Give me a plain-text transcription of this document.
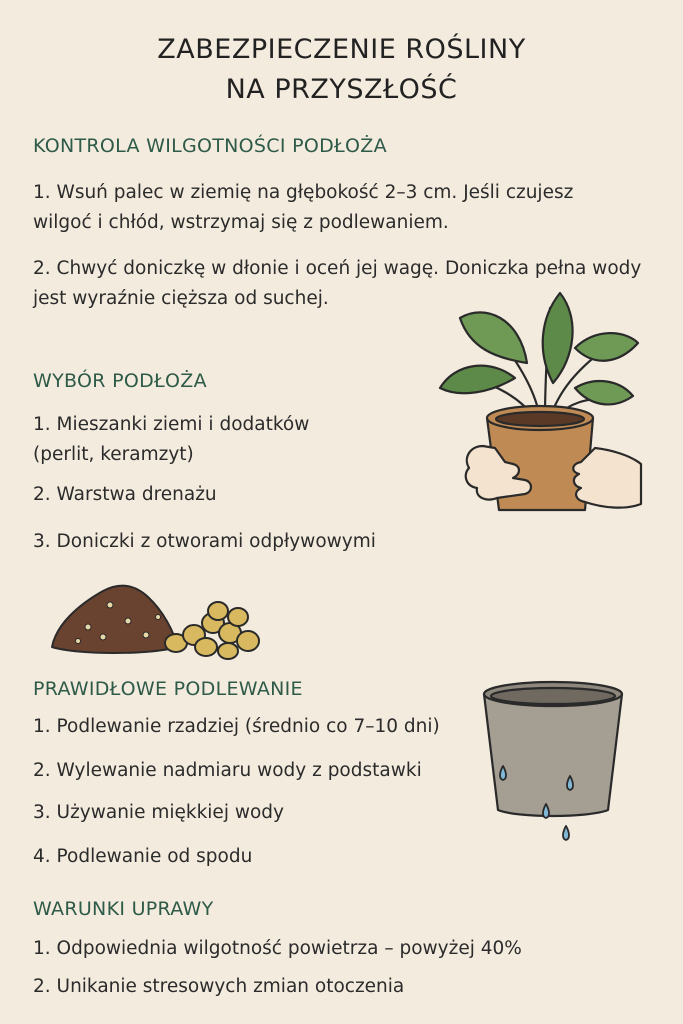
ZABEZPIECZENIE ROŚLINY
NA PRZYSZŁOŚĆ
KONTROLA WILGOTNOŚCI PODŁOŻA
1. Wsuń palec w ziemię na głębokość 2–3 cm. Jeśli czujesz
wilgoć i chłód, wstrzymaj się z podlewaniem.
2. Chwyć doniczkę w dłonie i oceń jej wagę. Doniczka pełna wody
jest wyraźnie cięższa od suchej.
WYBÓR PODŁOŻA
1. Mieszanki ziemi i dodatków
(perlit, keramzyt)
2. Warstwa drenażu
3. Doniczki z otworami odpływowymi
PRAWIDŁOWE PODLEWANIE
1. Podlewanie rzadziej (średnio co 7–10 dni)
2. Wylewanie nadmiaru wody z podstawki
3. Używanie miękkiej wody
4. Podlewanie od spodu
WARUNKI UPRAWY
1. Odpowiednia wilgotność powietrza – powyżej 40%
2. Unikanie stresowych zmian otoczenia
